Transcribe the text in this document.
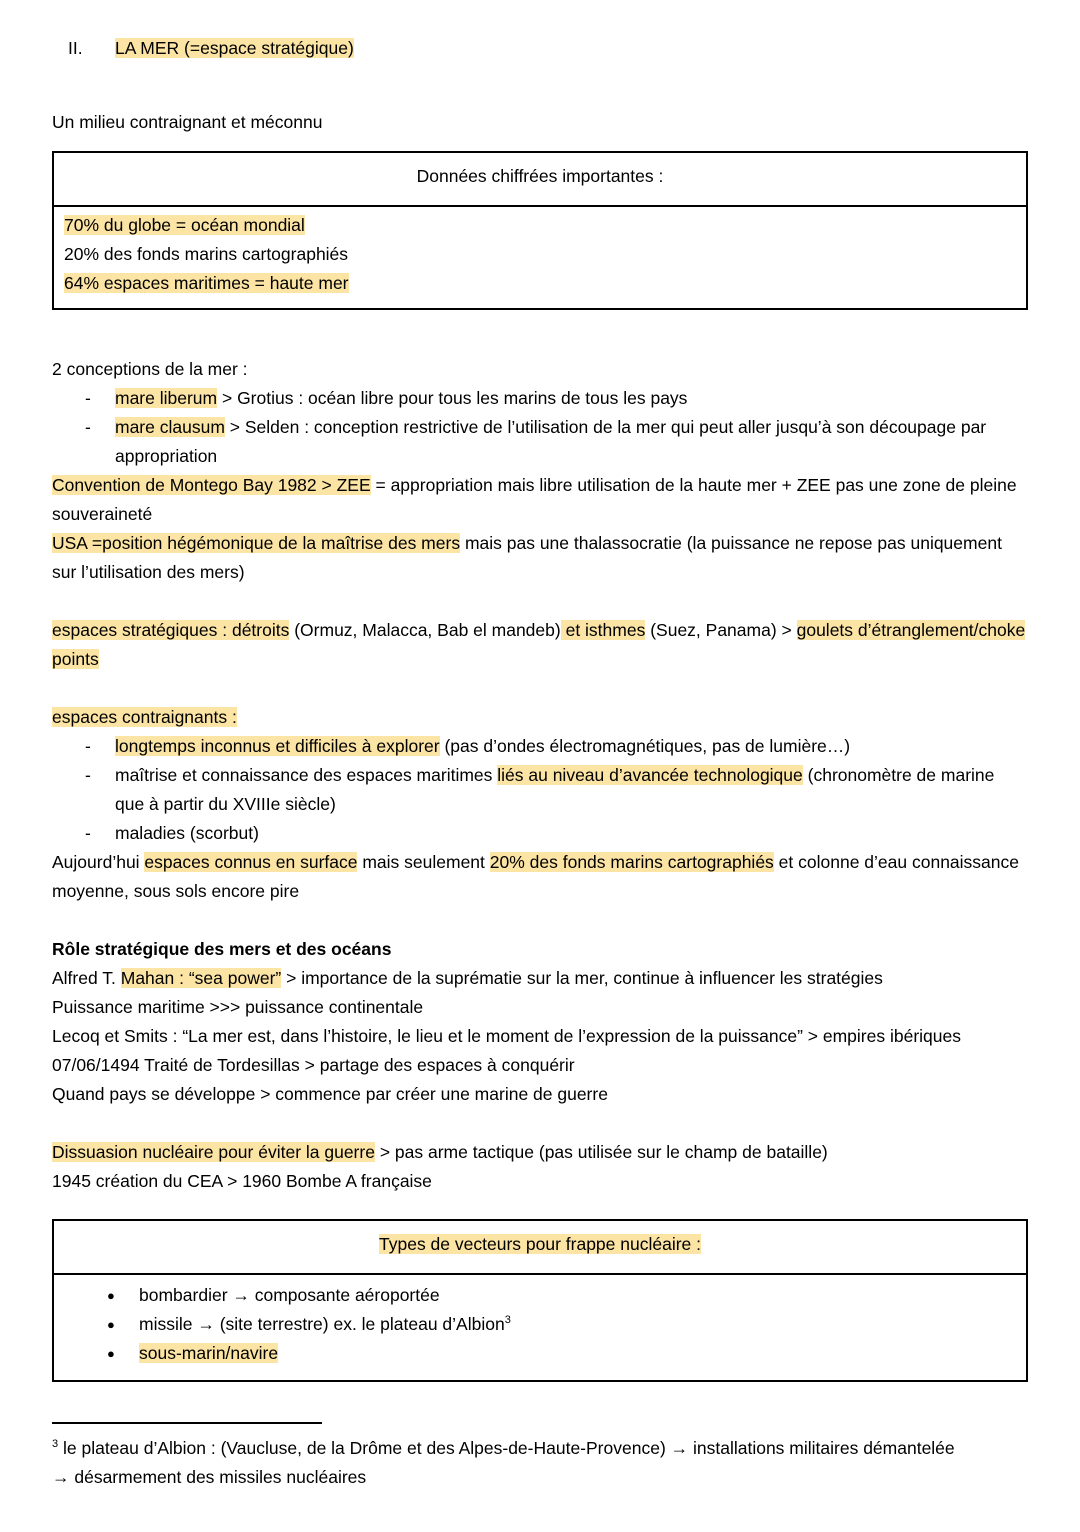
II. LA MER (=espace stratégique)

Un milieu contraignant et méconnu

Données chiffrées importantes :

70% du globe = océan mondial

20% des fonds marins cartographiés

64% espaces maritimes = haute mer

2 conceptions de la mer :

-	mare liberum > Grotius : océan libre pour tous les marins de tous les pays
-	mare clausum > Selden : conception restrictive de l’utilisation de la mer qui peut aller jusqu’à son découpage par appropriation

Convention de Montego Bay 1982 > ZEE = appropriation mais libre utilisation de la haute mer + ZEE pas une zone de pleine souveraineté

USA =position hégémonique de la maîtrise des mers mais pas une thalassocratie (la puissance ne repose pas uniquement sur l’utilisation des mers)

espaces stratégiques : détroits (Ormuz, Malacca, Bab el mandeb) et isthmes (Suez, Panama) > goulets d’étranglement/choke points

espaces contraignants :

-	longtemps inconnus et difficiles à explorer (pas d’ondes électromagnétiques, pas de lumière…)
-	maîtrise et connaissance des espaces maritimes liés au niveau d’avancée technologique (chronomètre de marine que à partir du XVIIIe siècle)
-	maladies (scorbut)

Aujourd’hui espaces connus en surface mais seulement 20% des fonds marins cartographiés et colonne d’eau connaissance moyenne, sous sols encore pire

Rôle stratégique des mers et des océans

Alfred T. Mahan : “sea power” > importance de la suprématie sur la mer, continue à influencer les stratégies

Puissance maritime >>> puissance continentale

Lecoq et Smits : “La mer est, dans l’histoire, le lieu et le moment de l’expression de la puissance” > empires ibériques

07/06/1494 Traité de Tordesillas > partage des espaces à conquérir

Quand pays se développe > commence par créer une marine de guerre

Dissuasion nucléaire pour éviter la guerre > pas arme tactique (pas utilisée sur le champ de bataille)

1945 création du CEA > 1960 Bombe A française

Types de vecteurs pour frappe nucléaire :
●	bombardier → composante aéroportée
●	missile → (site terrestre) ex. le plateau d’Albion$^3$
●	sous-marin/navire

$^3$ le plateau d’Albion : (Vaucluse, de la Drôme et des Alpes-de-Haute-Provence) → installations militaires démantelée

→ désarmement des missiles nucléaires
